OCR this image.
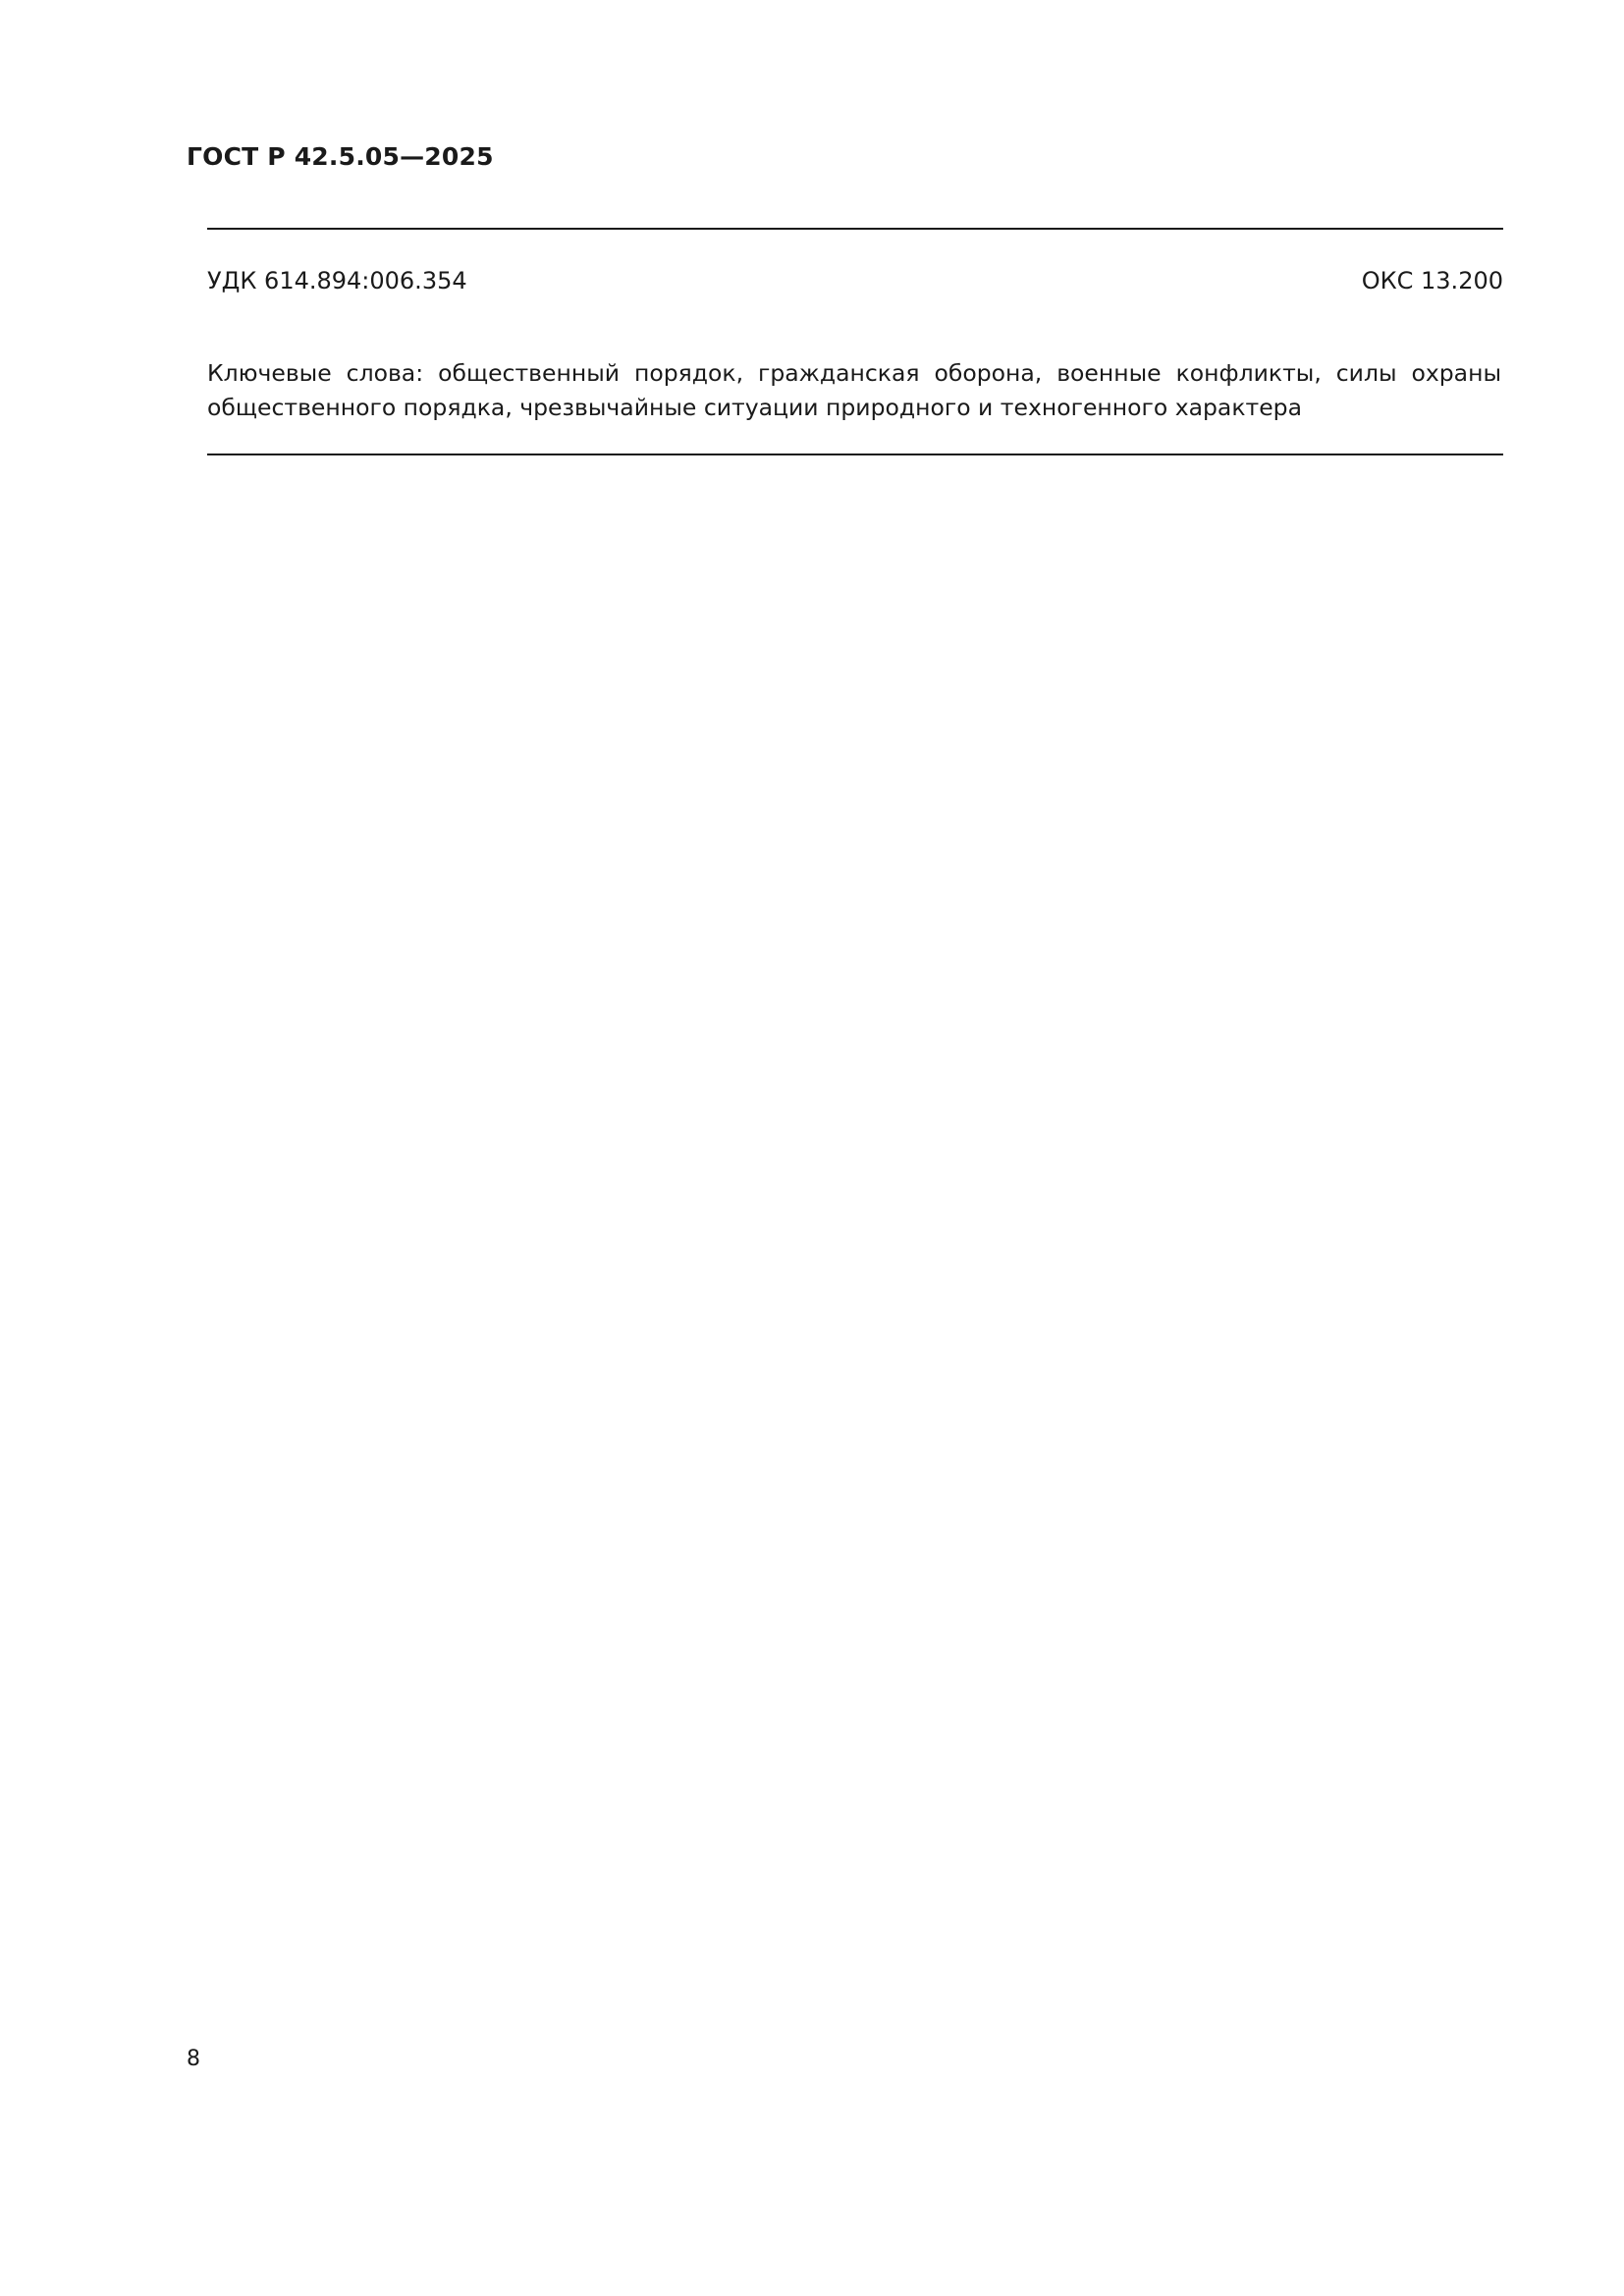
ГОСТ Р 42.5.05—2025
УДК 614.894:006.354	ОКС 13.200
Ключевые слова: общественный порядок, гражданская оборона, военные конфликты, силы охраны общественного порядка, чрезвычайные ситуации природного и техногенного характера
8
